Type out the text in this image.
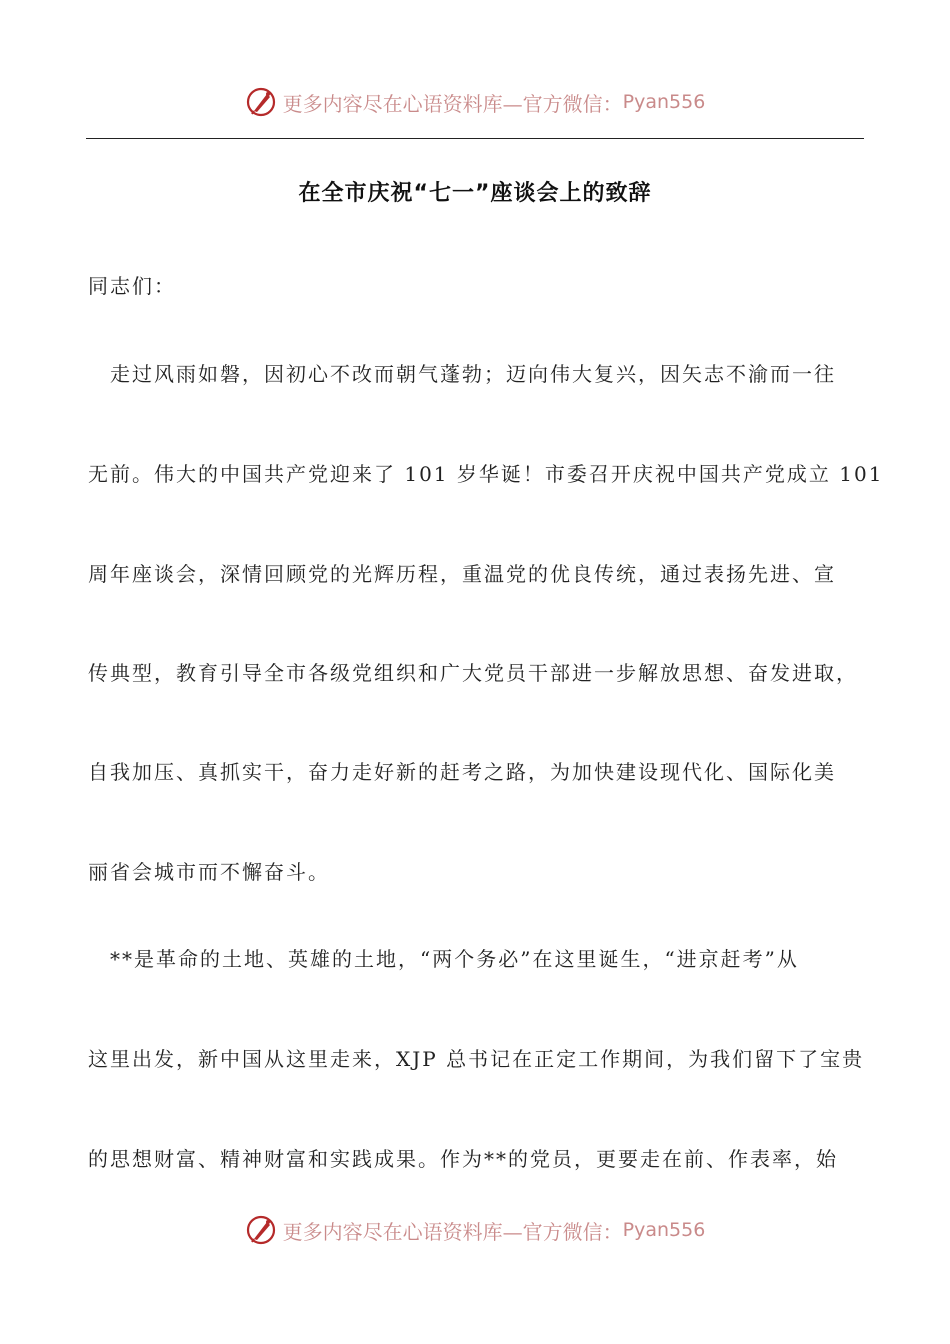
更多内容尽在心语资料库—官方微信： Pyan556
在全市庆祝“七一”座谈会上的致辞
同志们：
　走过风雨如磐，因初心不改而朝气蓬勃；迈向伟大复兴，因矢志不渝而一往
无前。伟大的中国共产党迎来了 101 岁华诞！市委召开庆祝中国共产党成立 101
周年座谈会，深情回顾党的光辉历程，重温党的优良传统，通过表扬先进、宣
传典型，教育引导全市各级党组织和广大党员干部进一步解放思想、奋发进取，
自我加压、真抓实干，奋力走好新的赶考之路，为加快建设现代化、国际化美
丽省会城市而不懈奋斗。
　**是革命的土地、英雄的土地，“两个务必”在这里诞生，“进京赶考”从
这里出发，新中国从这里走来，XJP 总书记在正定工作期间，为我们留下了宝贵
的思想财富、精神财富和实践成果。作为**的党员，更要走在前、作表率，始
更多内容尽在心语资料库—官方微信： Pyan556
